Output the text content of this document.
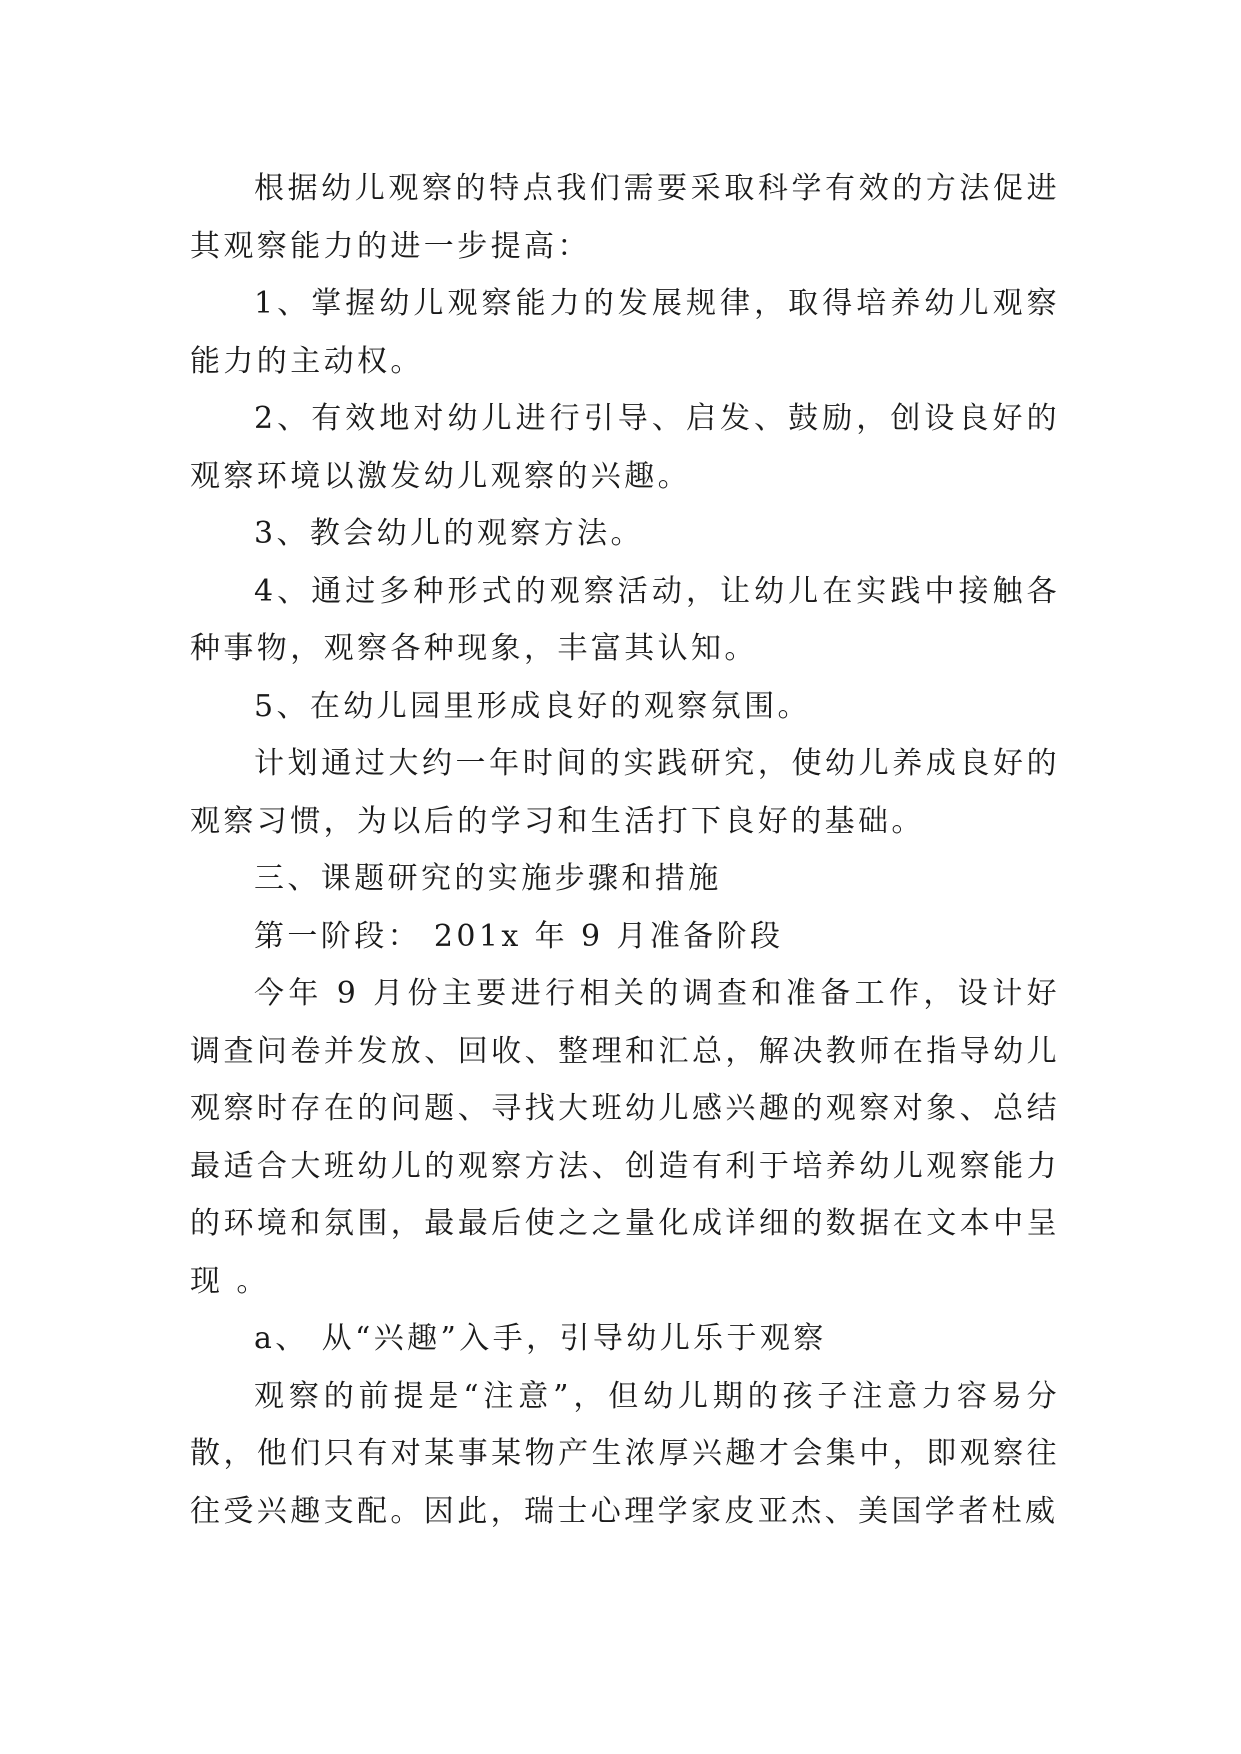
根据幼儿观察的特点我们需要采取科学有效的方法促进其观察能力的进一步提高：

1、掌握幼儿观察能力的发展规律，取得培养幼儿观察能力的主动权。

2、有效地对幼儿进行引导、启发、鼓励，创设良好的观察环境以激发幼儿观察的兴趣。

3、教会幼儿的观察方法。

4、通过多种形式的观察活动，让幼儿在实践中接触各种事物，观察各种现象，丰富其认知。

5、在幼儿园里形成良好的观察氛围。

计划通过大约一年时间的实践研究，使幼儿养成良好的观察习惯，为以后的学习和生活打下良好的基础。

三、课题研究的实施步骤和措施

第一阶段： 201x 年 9 月准备阶段

今年 9 月份主要进行相关的调查和准备工作，设计好调查问卷并发放、回收、整理和汇总，解决教师在指导幼儿观察时存在的问题、寻找大班幼儿感兴趣的观察对象、总结最适合大班幼儿的观察方法、创造有利于培养幼儿观察能力的环境和氛围，最最后使之之量化成详细的数据在文本中呈现 。

a、 从“兴趣”入手，引导幼儿乐于观察

观察的前提是“注意”，但幼儿期的孩子注意力容易分散，他们只有对某事某物产生浓厚兴趣才会集中，即观察往往受兴趣支配。因此，瑞士心理学家皮亚杰、美国学者杜威
